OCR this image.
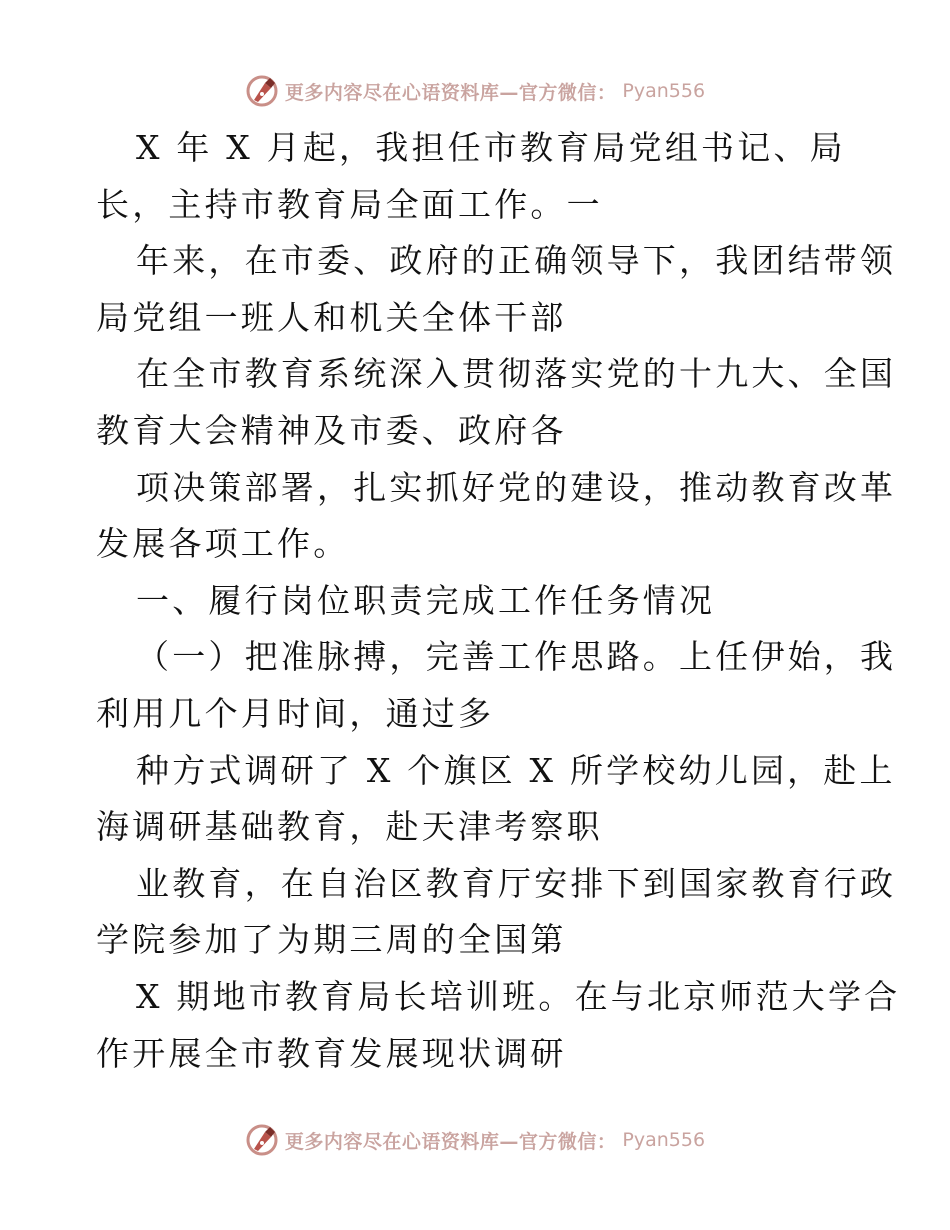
更多内容尽在心语资料库—官方微信： Pyan556
X 年 X 月起，我担任市教育局党组书记、局
长，主持市教育局全面工作。一
年来，在市委、政府的正确领导下，我团结带领
局党组一班人和机关全体干部
在全市教育系统深入贯彻落实党的十九大、全国
教育大会精神及市委、政府各
项决策部署，扎实抓好党的建设，推动教育改革
发展各项工作。
一、履行岗位职责完成工作任务情况
（一）把准脉搏，完善工作思路。上任伊始，我
利用几个月时间，通过多
种方式调研了 X 个旗区 X 所学校幼儿园，赴上
海调研基础教育，赴天津考察职
业教育，在自治区教育厅安排下到国家教育行政
学院参加了为期三周的全国第
X 期地市教育局长培训班。在与北京师范大学合
作开展全市教育发展现状调研
更多内容尽在心语资料库—官方微信： Pyan556
